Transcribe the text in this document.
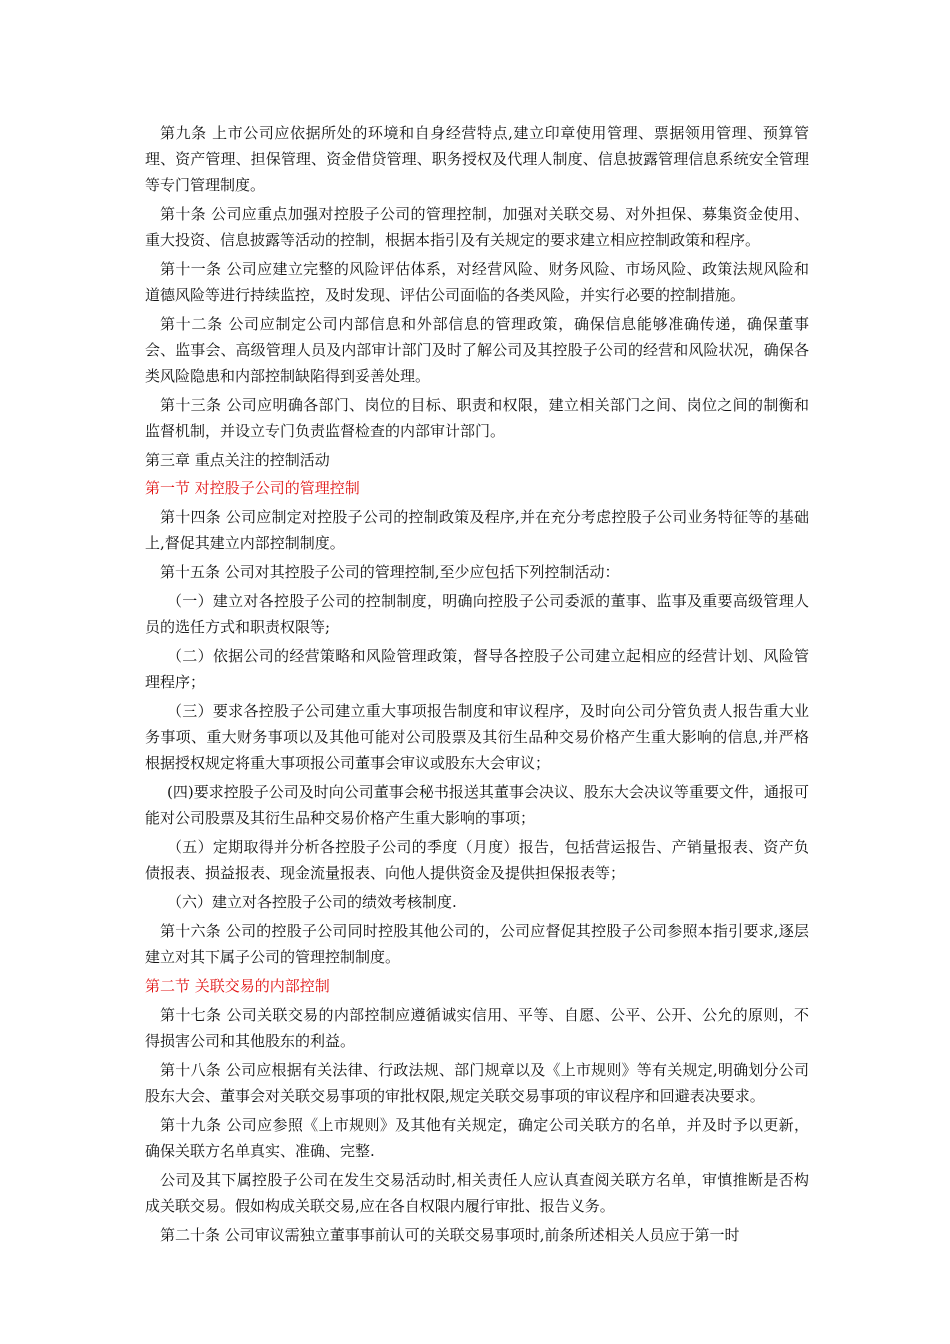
第九条 上市公司应依据所处的环境和自身经营特点,建立印章使用管理、票据领用管理、预算管理、资产管理、担保管理、资金借贷管理、职务授权及代理人制度、信息披露管理信息系统安全管理等专门管理制度。

第十条 公司应重点加强对控股子公司的管理控制，加强对关联交易、对外担保、募集资金使用、重大投资、信息披露等活动的控制，根据本指引及有关规定的要求建立相应控制政策和程序。

第十一条 公司应建立完整的风险评估体系，对经营风险、财务风险、市场风险、政策法规风险和道德风险等进行持续监控，及时发现、评估公司面临的各类风险，并实行必要的控制措施。

第十二条 公司应制定公司内部信息和外部信息的管理政策，确保信息能够准确传递，确保董事会、监事会、高级管理人员及内部审计部门及时了解公司及其控股子公司的经营和风险状况，确保各类风险隐患和内部控制缺陷得到妥善处理。

第十三条 公司应明确各部门、岗位的目标、职责和权限，建立相关部门之间、岗位之间的制衡和监督机制，并设立专门负责监督检查的内部审计部门。

第三章 重点关注的控制活动

第一节 对控股子公司的管理控制

第十四条 公司应制定对控股子公司的控制政策及程序,并在充分考虑控股子公司业务特征等的基础上,督促其建立内部控制制度。

第十五条 公司对其控股子公司的管理控制,至少应包括下列控制活动：

（一）建立对各控股子公司的控制制度，明确向控股子公司委派的董事、监事及重要高级管理人员的选任方式和职责权限等;

（二）依据公司的经营策略和风险管理政策，督导各控股子公司建立起相应的经营计划、风险管理程序；

（三）要求各控股子公司建立重大事项报告制度和审议程序，及时向公司分管负责人报告重大业务事项、重大财务事项以及其他可能对公司股票及其衍生品种交易价格产生重大影响的信息,并严格根据授权规定将重大事项报公司董事会审议或股东大会审议；

(四)要求控股子公司及时向公司董事会秘书报送其董事会决议、股东大会决议等重要文件，通报可能对公司股票及其衍生品种交易价格产生重大影响的事项；

（五）定期取得并分析各控股子公司的季度（月度）报告，包括营运报告、产销量报表、资产负债报表、损益报表、现金流量报表、向他人提供资金及提供担保报表等；

（六）建立对各控股子公司的绩效考核制度.

第十六条 公司的控股子公司同时控股其他公司的，公司应督促其控股子公司参照本指引要求,逐层建立对其下属子公司的管理控制制度。

第二节 关联交易的内部控制

第十七条 公司关联交易的内部控制应遵循诚实信用、平等、自愿、公平、公开、公允的原则，不得损害公司和其他股东的利益。

第十八条 公司应根据有关法律、行政法规、部门规章以及《上市规则》等有关规定,明确划分公司股东大会、董事会对关联交易事项的审批权限,规定关联交易事项的审议程序和回避表决要求。

第十九条 公司应参照《上市规则》及其他有关规定，确定公司关联方的名单，并及时予以更新，确保关联方名单真实、准确、完整.

公司及其下属控股子公司在发生交易活动时,相关责任人应认真查阅关联方名单，审慎推断是否构成关联交易。假如构成关联交易,应在各自权限内履行审批、报告义务。

第二十条 公司审议需独立董事事前认可的关联交易事项时,前条所述相关人员应于第一时
